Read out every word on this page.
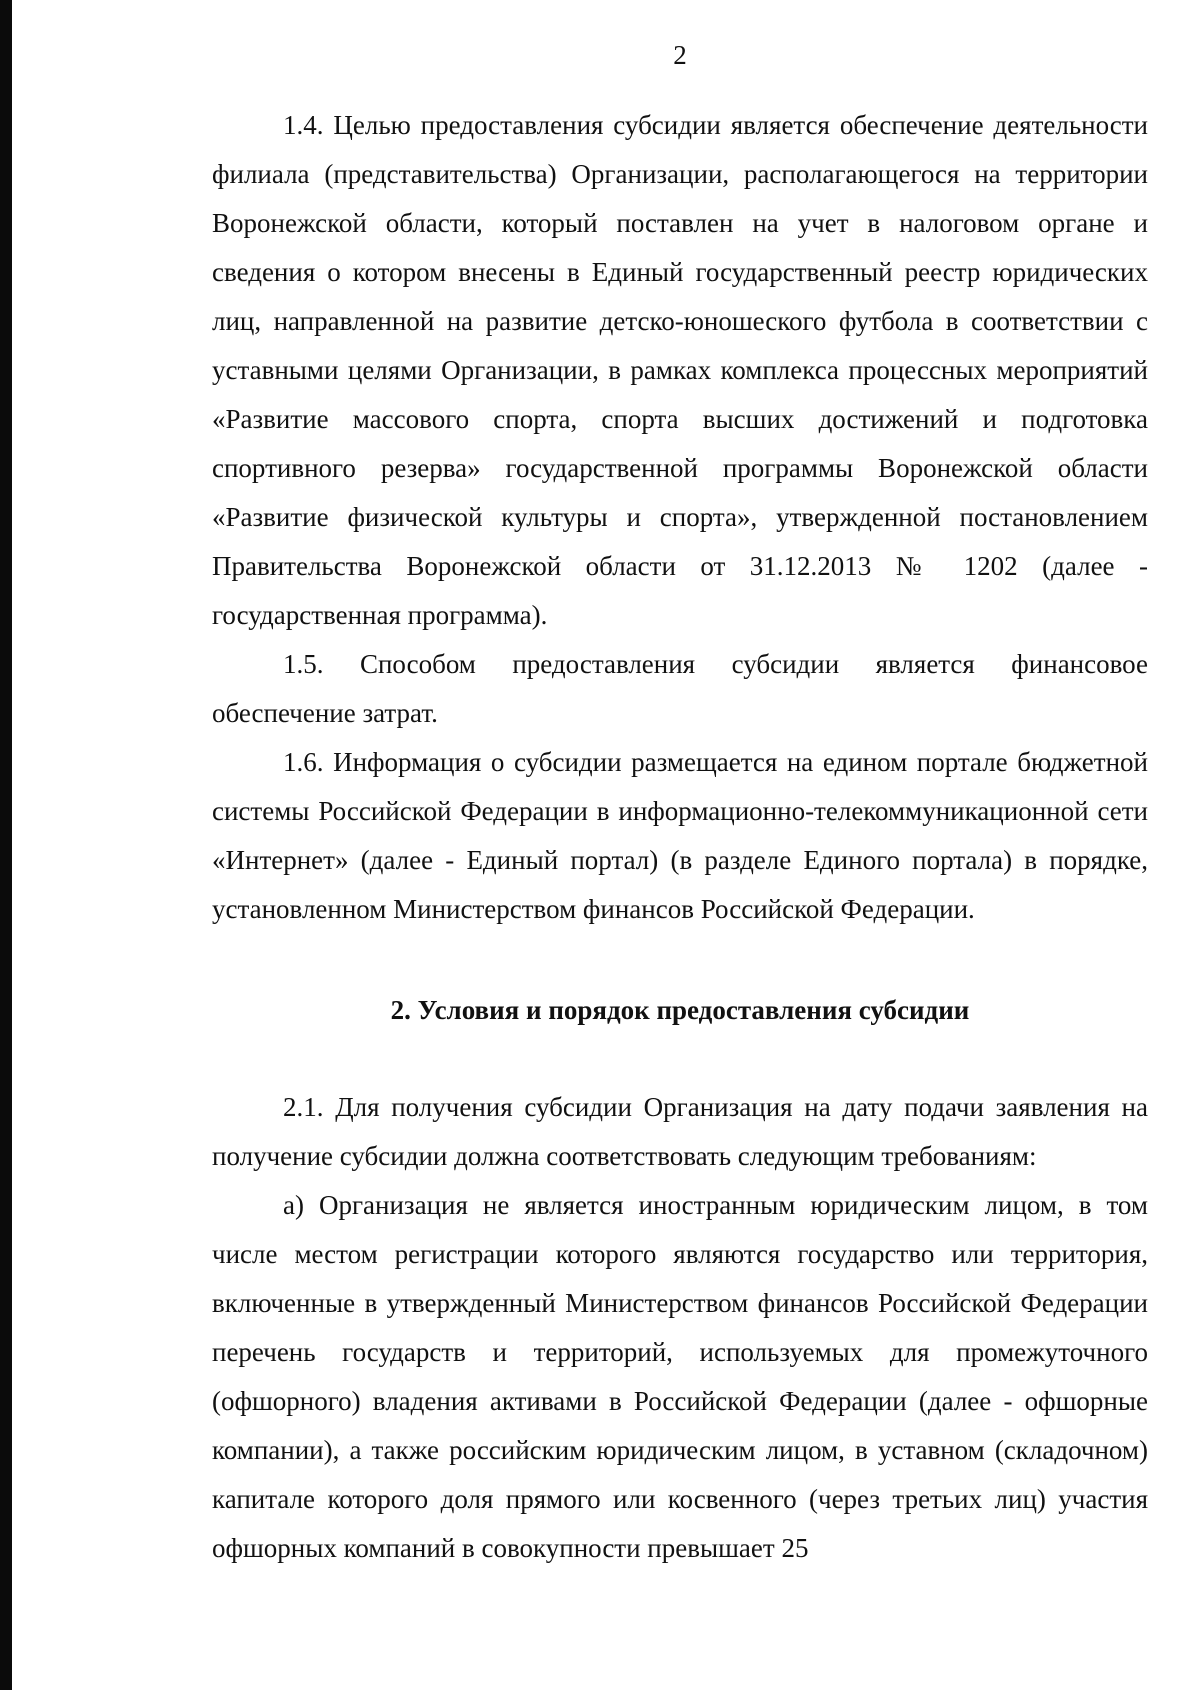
2

1.4. Целью предоставления субсидии является обеспечение деятельности филиала (представительства) Организации, располагающегося на территории Воронежской области, который поставлен на учет в налоговом органе и сведения о котором внесены в Единый государственный реестр юридических лиц, направленной на развитие детско-юношеского футбола в соответствии с уставными целями Организации, в рамках комплекса процессных мероприятий «Развитие массового спорта, спорта высших достижений и подготовка спортивного резерва» государственной программы Воронежской области «Развитие физической культуры и спорта», утвержденной постановлением Правительства Воронежской области от 31.12.2013 № 1202 (далее - государственная программа).

1.5. Способом предоставления субсидии является финансовое обеспечение затрат.

1.6. Информация о субсидии размещается на едином портале бюджетной системы Российской Федерации в информационно-телекоммуникационной сети «Интернет» (далее - Единый портал) (в разделе Единого портала) в порядке, установленном Министерством финансов Российской Федерации.

2. Условия и порядок предоставления субсидии

2.1. Для получения субсидии Организация на дату подачи заявления на получение субсидии должна соответствовать следующим требованиям:

а) Организация не является иностранным юридическим лицом, в том числе местом регистрации которого являются государство или территория, включенные в утвержденный Министерством финансов Российской Федерации перечень государств и территорий, используемых для промежуточного (офшорного) владения активами в Российской Федерации (далее - офшорные компании), а также российским юридическим лицом, в уставном (складочном) капитале которого доля прямого или косвенного (через третьих лиц) участия офшорных компаний в совокупности превышает 25
